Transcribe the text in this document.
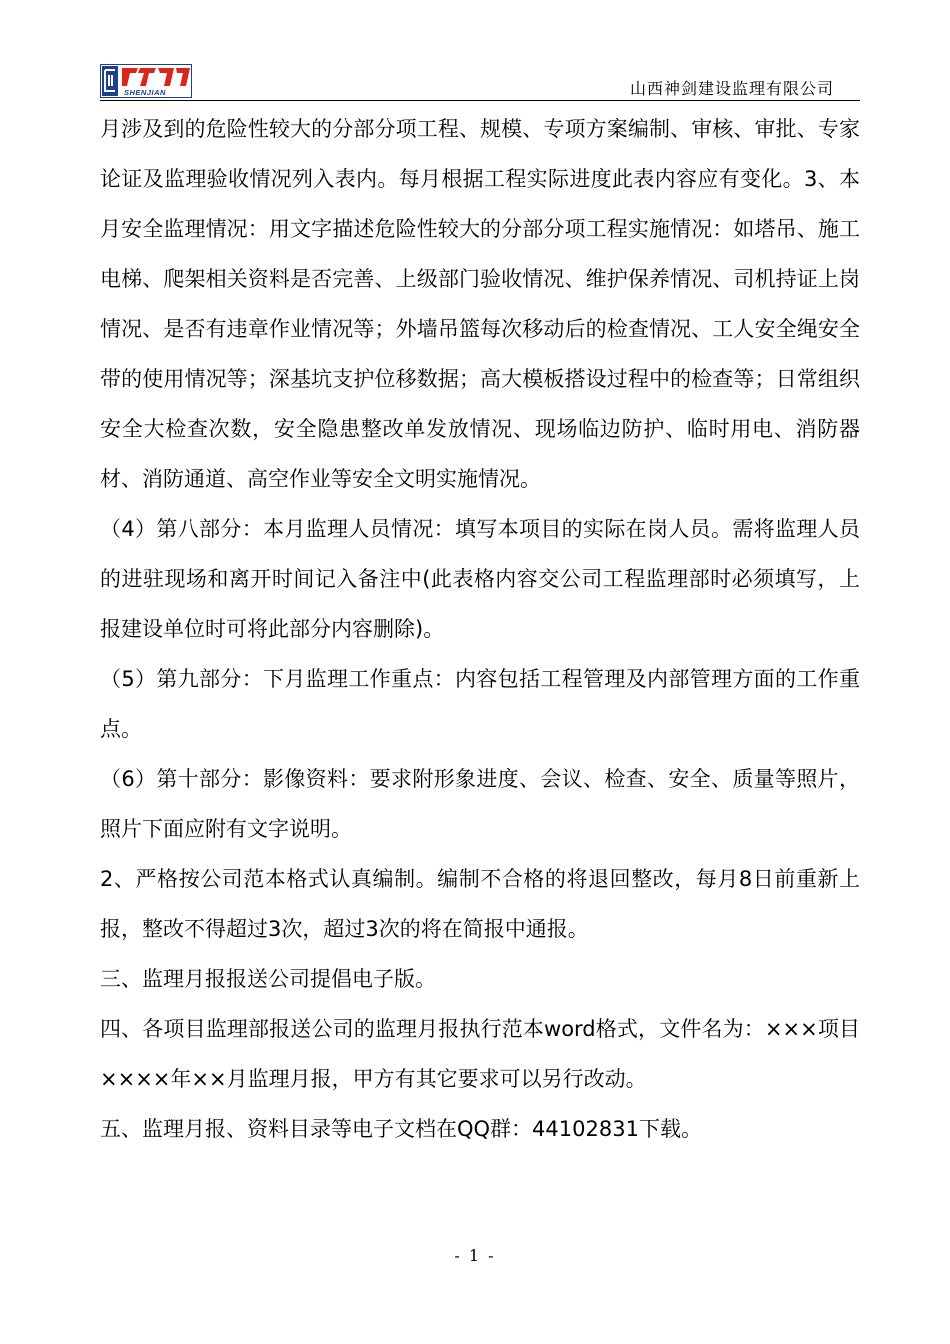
SHENJIAN	山西神剑建设监理有限公司

月涉及到的危险性较大的分部分项工程、规模、专项方案编制、审核、审批、专家论证及监理验收情况列入表内。每月根据工程实际进度此表内容应有变化。3、本月安全监理情况：用文字描述危险性较大的分部分项工程实施情况：如塔吊、施工电梯、爬架相关资料是否完善、上级部门验收情况、维护保养情况、司机持证上岗情况、是否有违章作业情况等；外墙吊篮每次移动后的检查情况、工人安全绳安全带的使用情况等；深基坑支护位移数据；高大模板搭设过程中的检查等；日常组织安全大检查次数，安全隐患整改单发放情况、现场临边防护、临时用电、消防器材、消防通道、高空作业等安全文明实施情况。

（4）第八部分：本月监理人员情况：填写本项目的实际在岗人员。需将监理人员的进驻现场和离开时间记入备注中(此表格内容交公司工程监理部时必须填写，上报建设单位时可将此部分内容删除)。

（5）第九部分：下月监理工作重点：内容包括工程管理及内部管理方面的工作重点。

（6）第十部分：影像资料：要求附形象进度、会议、检查、安全、质量等照片，照片下面应附有文字说明。

2、严格按公司范本格式认真编制。编制不合格的将退回整改，每月8日前重新上报，整改不得超过3次，超过3次的将在简报中通报。

三、监理月报报送公司提倡电子版。

四、各项目监理部报送公司的监理月报执行范本word格式，文件名为：×××项目××××年××月监理月报，甲方有其它要求可以另行改动。

五、监理月报、资料目录等电子文档在QQ群：44102831下载。

- 1 -
